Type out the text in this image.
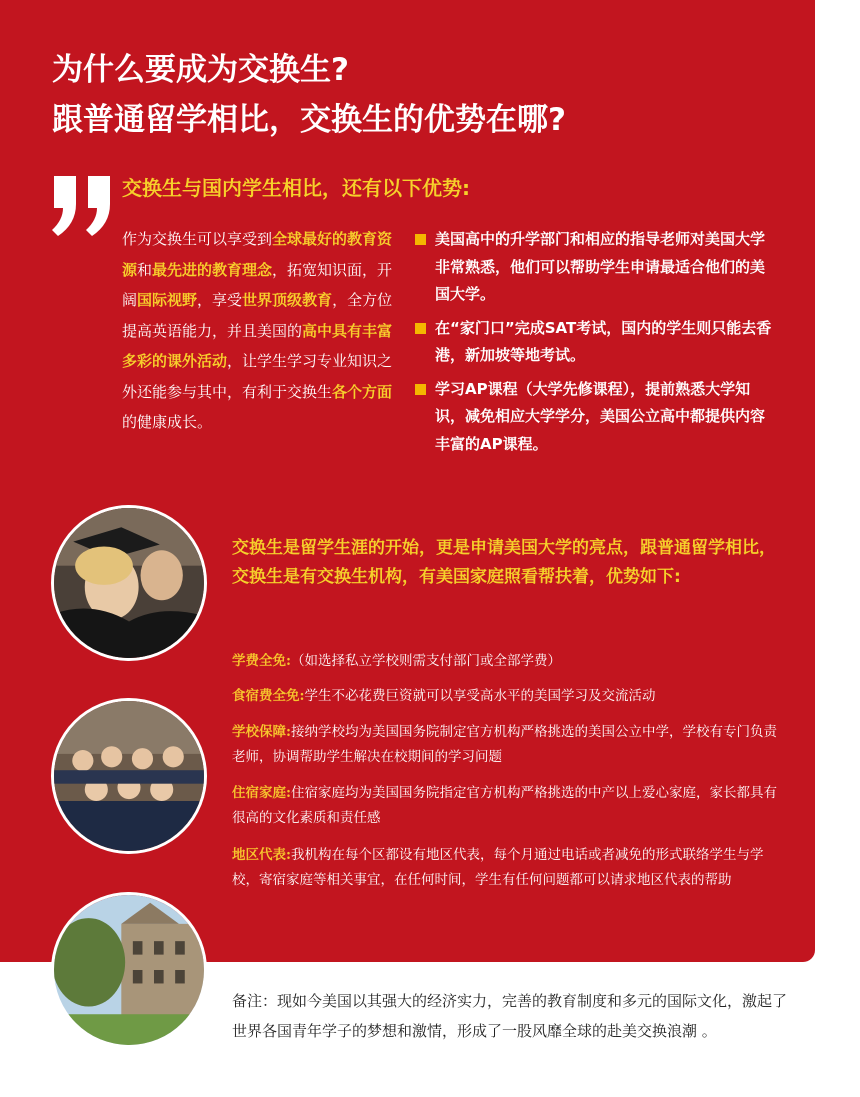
为什么要成为交换生?
跟普通留学相比，交换生的优势在哪?
交换生与国内学生相比，还有以下优势:

作为交换生可以享受到全球最好的教育资源和最先进的教育理念，拓宽知识面，开阔国际视野，享受世界顶级教育，全方位提高英语能力，并且美国的高中具有丰富多彩的课外活动，让学生学习专业知识之外还能参与其中，有利于交换生各个方面的健康成长。

美国高中的升学部门和相应的指导老师对美国大学非常熟悉，他们可以帮助学生申请最适合他们的美国大学。
在“家门口”完成SAT考试，国内的学生则只能去香港，新加坡等地考试。
学习AP课程（大学先修课程），提前熟悉大学知识，减免相应大学学分，美国公立高中都提供内容丰富的AP课程。
交换生是留学生涯的开始，更是申请美国大学的亮点，跟普通留学相比，交换生是有交换生机构，有美国家庭照看帮扶着，优势如下:
学费全免:（如选择私立学校则需支付部门或全部学费）
食宿费全免:学生不必花费巨资就可以享受高水平的美国学习及交流活动
学校保障:接纳学校均为美国国务院制定官方机构严格挑选的美国公立中学，学校有专门负责老师，协调帮助学生解决在校期间的学习问题
住宿家庭:住宿家庭均为美国国务院指定官方机构严格挑选的中产以上爱心家庭，家长都具有很高的文化素质和责任感
地区代表:我机构在每个区都设有地区代表，每个月通过电话或者减免的形式联络学生与学校，寄宿家庭等相关事宜，在任何时间，学生有任何问题都可以请求地区代表的帮助

备注：现如今美国以其强大的经济实力，完善的教育制度和多元的国际文化，激起了世界各国青年学子的梦想和激情，形成了一股风靡全球的赴美交换浪潮 。
